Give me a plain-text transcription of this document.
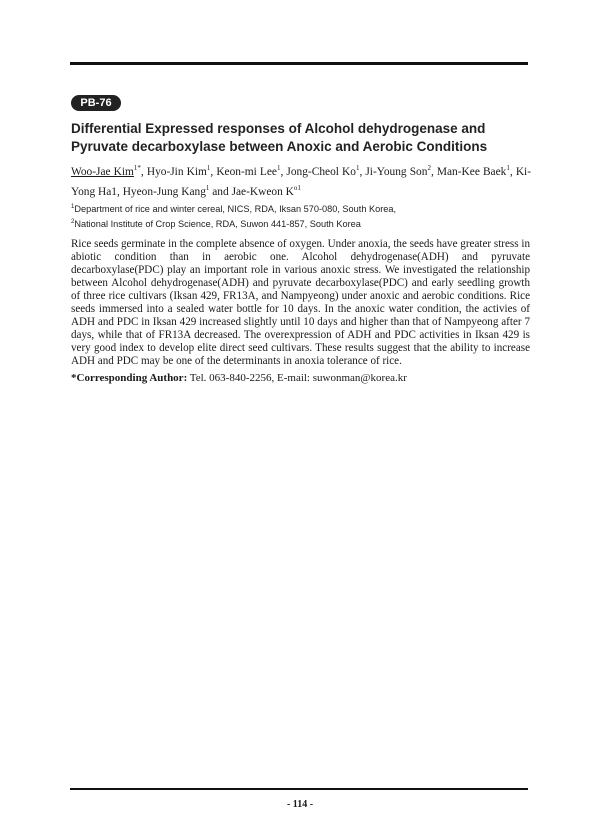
PB-76
Differential Expressed responses of Alcohol dehydrogenase and Pyruvate decarboxylase between Anoxic and Aerobic Conditions
Woo-Jae Kim$^{1*}$, Hyo-Jin Kim$^1$, Keon-mi Lee$^1$, Jong-Cheol Ko$^1$, Ji-Young Son$^2$, Man-Kee Baek$^1$, Ki-Yong Ha1, Hyeon-Jung Kang$^1$ and Jae-Kweon $K^{o1}$
$^1$Department of rice and winter cereal, NICS, RDA, Iksan 570-080, South Korea,
$^2$National Institute of Crop Science, RDA, Suwon 441-857, South Korea

Rice seeds germinate in the complete absence of oxygen. Under anoxia, the seeds have greater stress in abiotic condition than in aerobic one. Alcohol dehydrogenase(ADH) and pyruvate decarboxylase(PDC) play an important role in various anoxic stress. We investigated the relationship between Alcohol dehydrogenase(ADH) and pyruvate decarboxylase(PDC) and early seedling growth of three rice cultivars (Iksan 429, FR13A, and Nampyeong) under anoxic and aerobic conditions. Rice seeds immersed into a sealed water bottle for 10 days. In the anoxic water condition, the activies of ADH and PDC in Iksan 429 increased slightly until 10 days and higher than that of Nampyeong after 7 days, while that of FR13A decreased. The overexpression of ADH and PDC activities in Iksan 429 is very good index to develop elite direct seed cultivars. These results suggest that the ability to increase ADH and PDC may be one of the determinants in anoxia tolerance of rice.

*Corresponding Author: Tel. 063-840-2256, E-mail: suwonman@korea.kr
- 114 -
